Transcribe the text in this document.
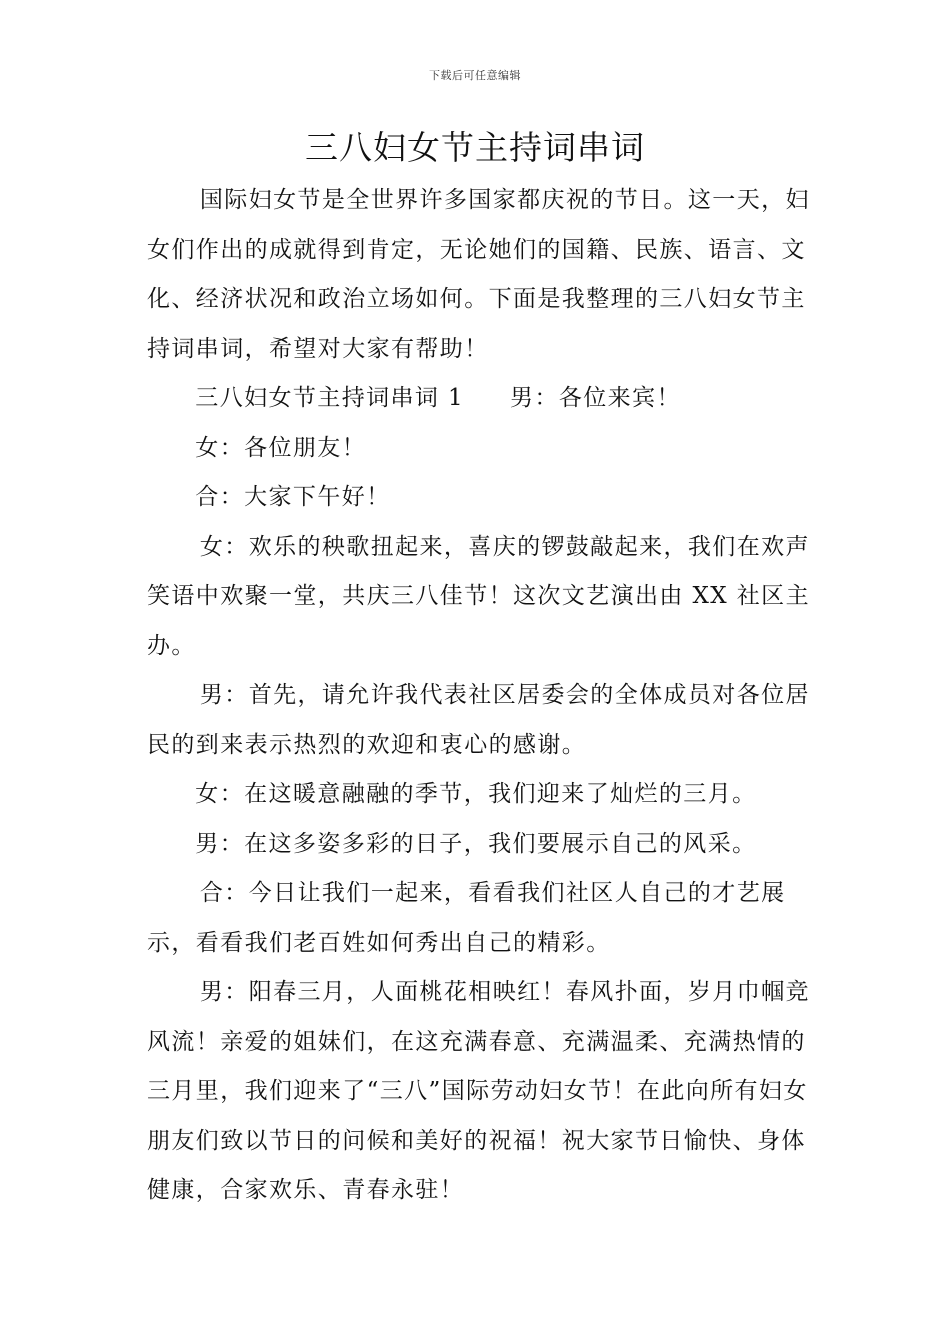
下载后可任意编辑
三八妇女节主持词串词

国际妇女节是全世界许多国家都庆祝的节日。这一天，妇女们作出的成就得到肯定，无论她们的国籍、民族、语言、文化、经济状况和政治立场如何。下面是我整理的三八妇女节主持词串词，希望对大家有帮助！

三八妇女节主持词串词 1 男：各位来宾！

女：各位朋友！

合：大家下午好！

女：欢乐的秧歌扭起来，喜庆的锣鼓敲起来，我们在欢声笑语中欢聚一堂，共庆三八佳节！这次文艺演出由 XX 社区主办。

男：首先，请允许我代表社区居委会的全体成员对各位居民的到来表示热烈的欢迎和衷心的感谢。

女：在这暖意融融的季节，我们迎来了灿烂的三月。

男：在这多姿多彩的日子，我们要展示自己的风采。

合：今日让我们一起来，看看我们社区人自己的才艺展示，看看我们老百姓如何秀出自己的精彩。

男：阳春三月，人面桃花相映红！春风扑面，岁月巾帼竞风流！亲爱的姐妹们，在这充满春意、充满温柔、充满热情的三月里，我们迎来了“三八”国际劳动妇女节！在此向所有妇女朋友们致以节日的问候和美好的祝福！祝大家节日愉快、身体健康，合家欢乐、青春永驻！
